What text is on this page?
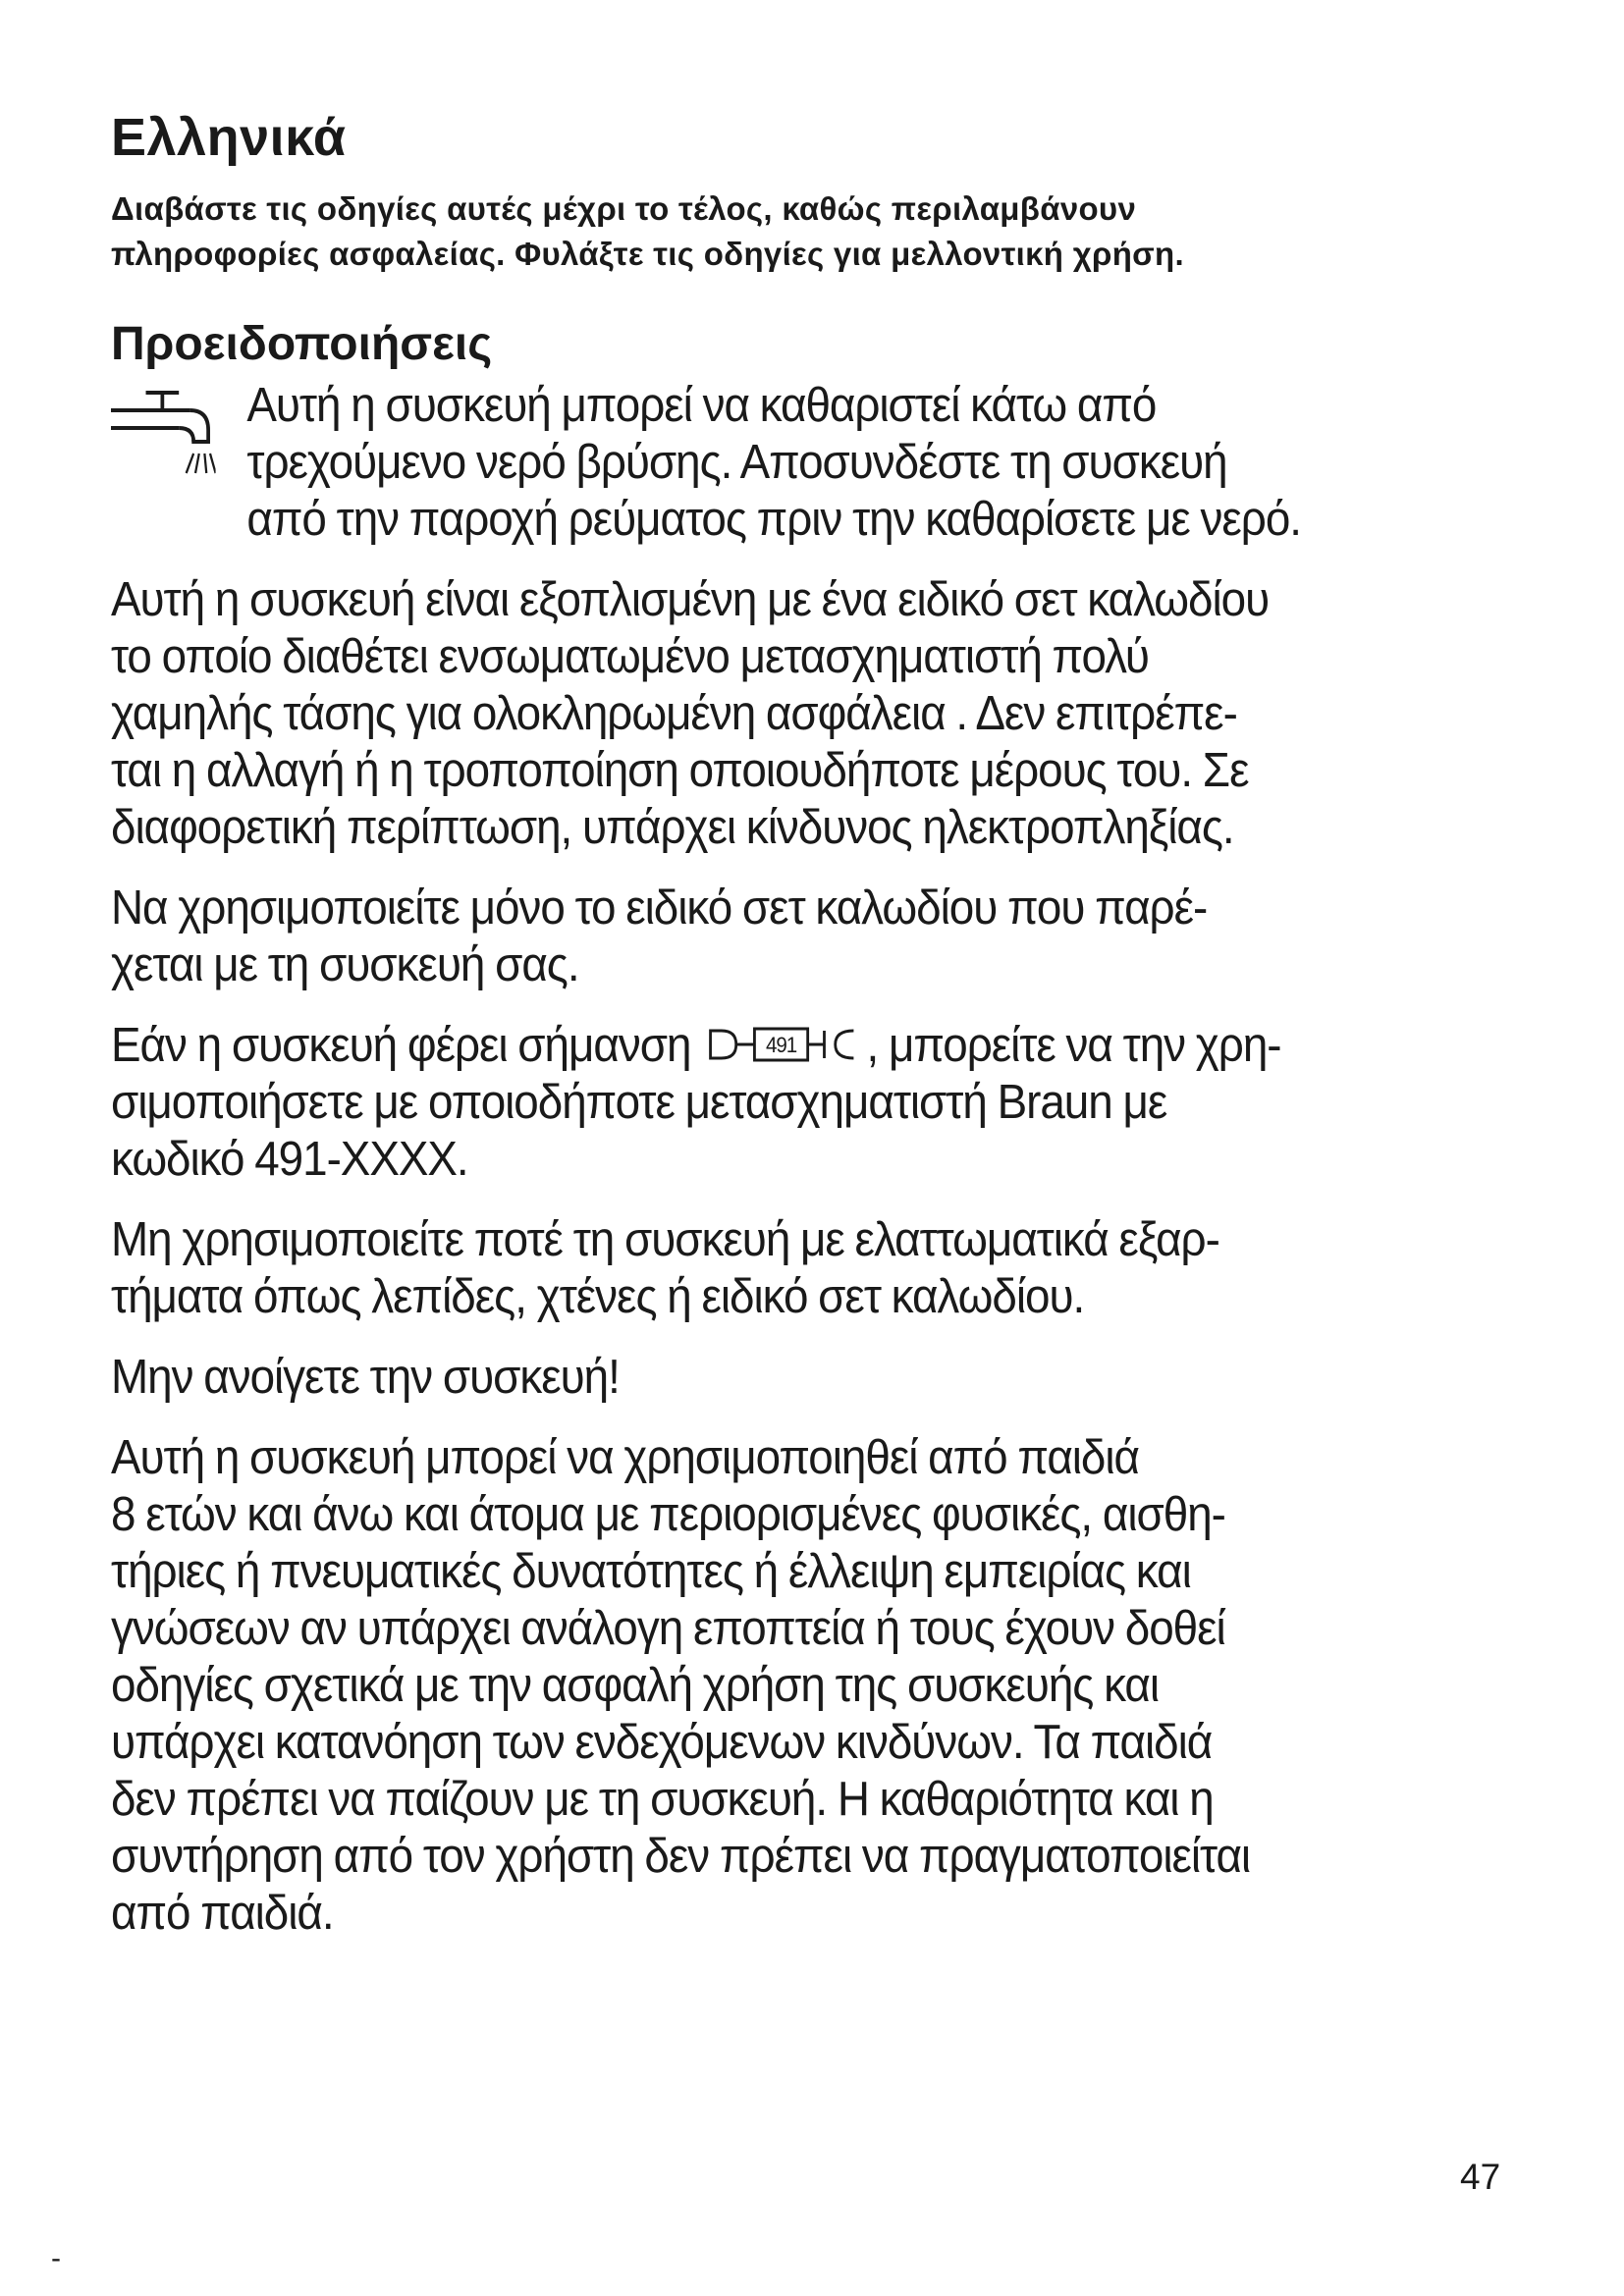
Ελληνικά
Διαβάστε τις οδηγίες αυτές μέχρι το τέλος, καθώς περιλαμβάνουν
πληροφορίες ασφαλείας. Φυλάξτε τις οδηγίες για μελλοντική χρήση.
Προειδοποιήσεις
Αυτή η συσκευή μπορεί να καθαριστεί κάτω από
τρεχούμενο νερό βρύσης. Αποσυνδέστε τη συσκευή
από την παροχή ρεύματος πριν την καθαρίσετε με νερό.
Αυτή η συσκευή είναι εξοπλισμένη με ένα ειδικό σετ καλωδίου
το οποίο διαθέτει ενσωματωμένο μετασχηματιστή πολύ
χαμηλής τάσης για ολοκληρωμένη ασφάλεια . Δεν επιτρέπε-
ται η αλλαγή ή η τροποποίηση οποιουδήποτε μέρους του. Σε
διαφορετική περίπτωση, υπάρχει κίνδυνος ηλεκτροπληξίας.
Να χρησιμοποιείτε μόνο το ειδικό σετ καλωδίου που παρέ-
χεται με τη συσκευή σας.
Εάν η συσκευή φέρει σήμανση	491 , μπορείτε να την χρη-
σιμοποιήσετε με οποιοδήποτε μετασχηματιστή Braun με
κωδικό 491-XXXX.
Μη χρησιμοποιείτε ποτέ τη συσκευή με ελαττωματικά εξαρ-
τήματα όπως λεπίδες, χτένες ή ειδικό σετ καλωδίου.
Μην ανοίγετε την συσκευή!
Αυτή η συσκευή μπορεί να χρησιμοποιηθεί από παιδιά
8 ετών και άνω και άτομα με περιορισμένες φυσικές, αισθη-
τήριες ή πνευματικές δυνατότητες ή έλλειψη εμπειρίας και
γνώσεων αν υπάρχει ανάλογη εποπτεία ή τους έχουν δοθεί
οδηγίες σχετικά με την ασφαλή χρήση της συσκευής και
υπάρχει κατανόηση των ενδεχόμενων κινδύνων. Τα παιδιά
δεν πρέπει να παίζουν με τη συσκευή. Η καθαριότητα και η
συντήρηση από τον χρήστη δεν πρέπει να πραγματοποιείται
από παιδιά.
47
-
